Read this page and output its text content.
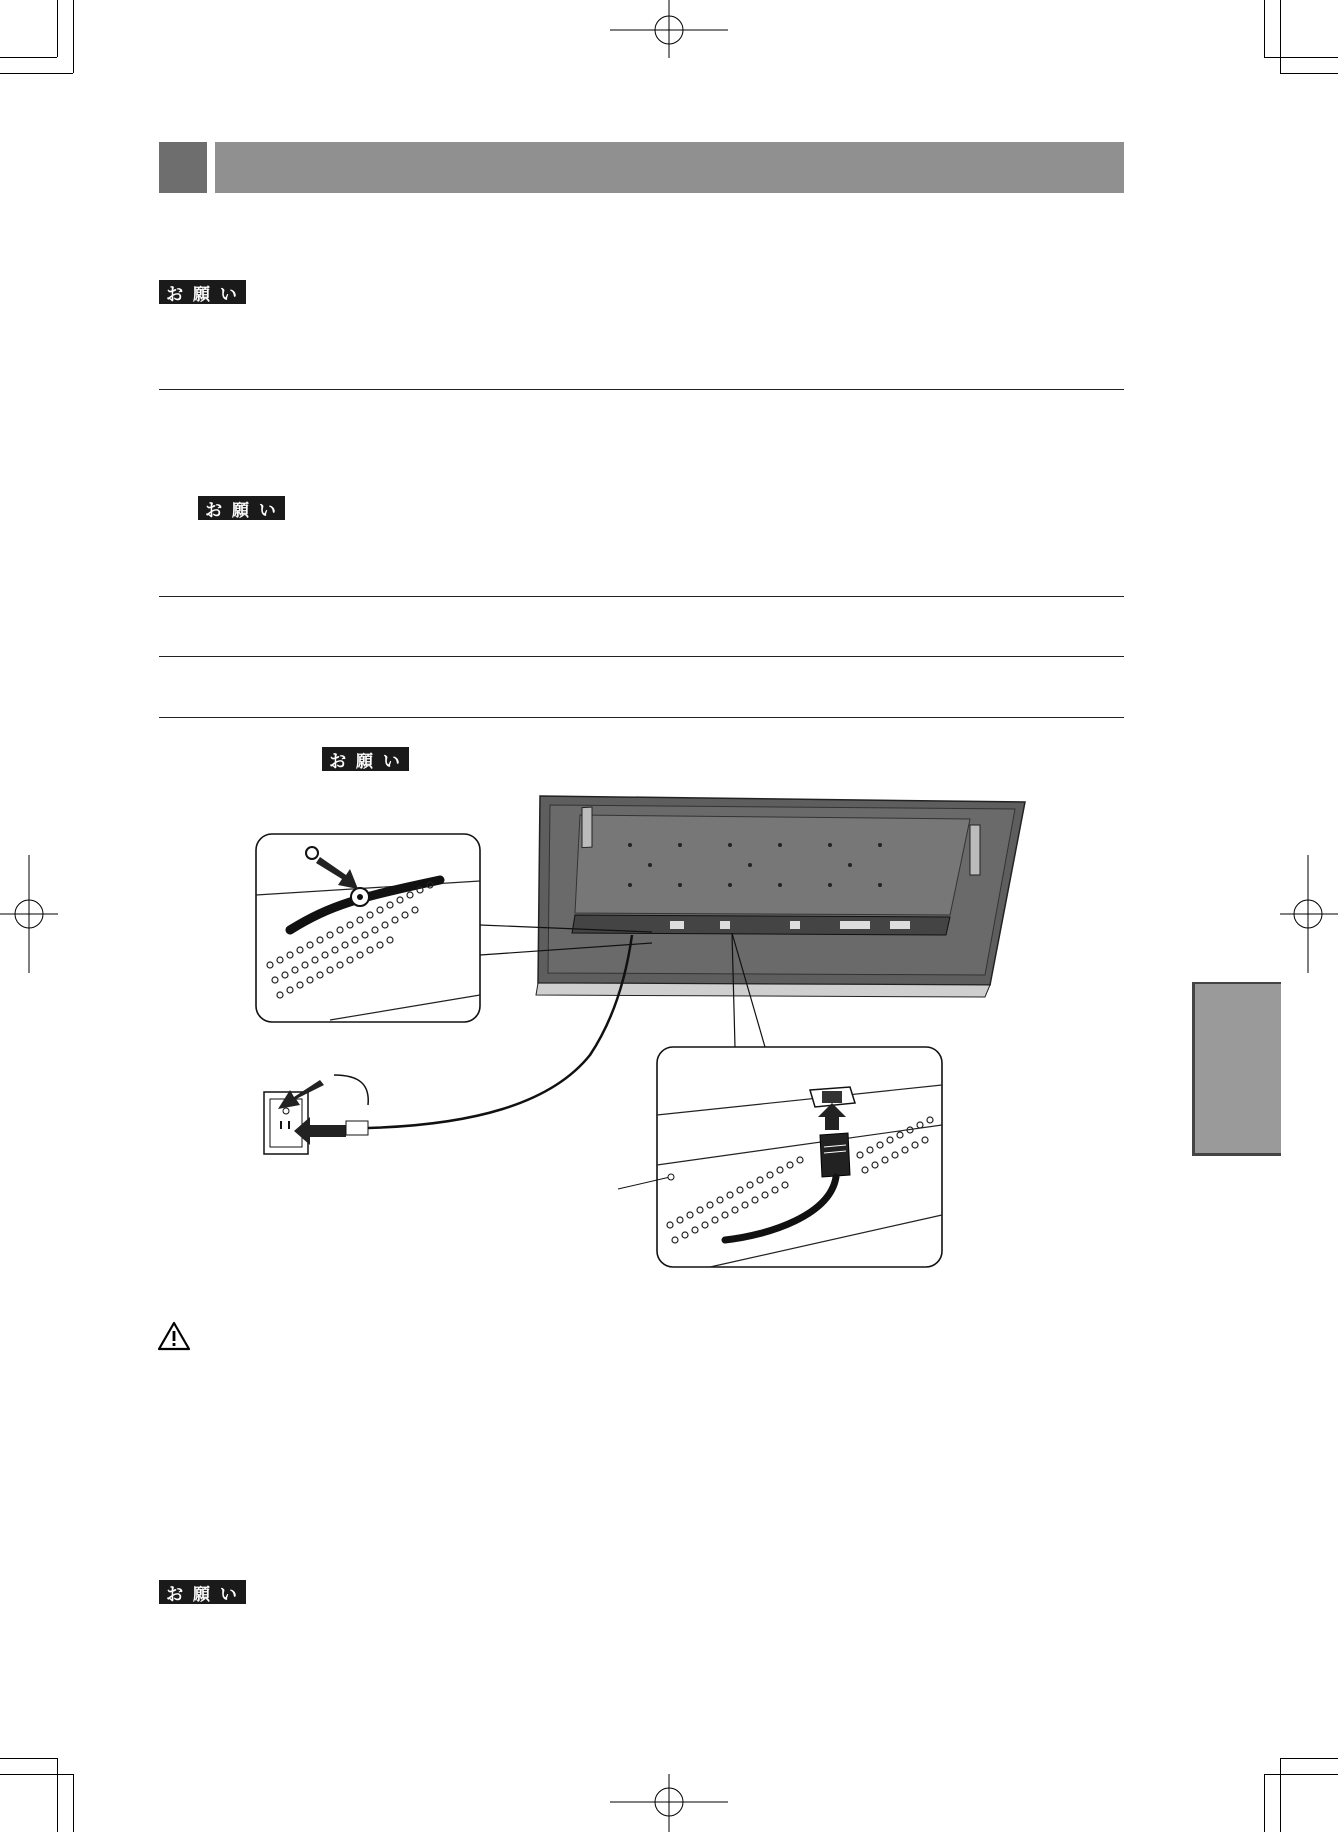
お 願 い
お 願 い
お 願 い
お 願 い
